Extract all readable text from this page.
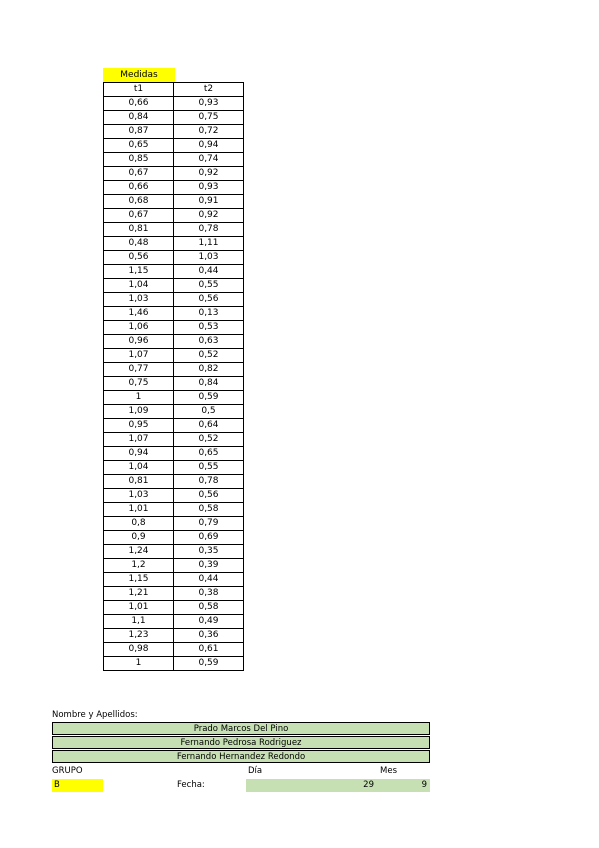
Medidas
t1	t2
0,66	0,93
0,84	0,75
0,87	0,72
0,65	0,94
0,85	0,74
0,67	0,92
0,66	0,93
0,68	0,91
0,67	0,92
0,81	0,78
0,48	1,11
0,56	1,03
1,15	0,44
1,04	0,55
1,03	0,56
1,46	0,13
1,06	0,53
0,96	0,63
1,07	0,52
0,77	0,82
0,75	0,84
1	0,59
1,09	0,5
0,95	0,64
1,07	0,52
0,94	0,65
1,04	0,55
0,81	0,78
1,03	0,56
1,01	0,58
0,8	0,79
0,9	0,69
1,24	0,35
1,2	0,39
1,15	0,44
1,21	0,38
1,01	0,58
1,1	0,49
1,23	0,36
0,98	0,61
1	0,59
Nombre y Apellidos:
Prado Marcos Del Pino
Fernando Pedrosa Rodriguez
Fernando Hernandez Redondo
GRUPO	Día	Mes
B	Fecha:	29	9
